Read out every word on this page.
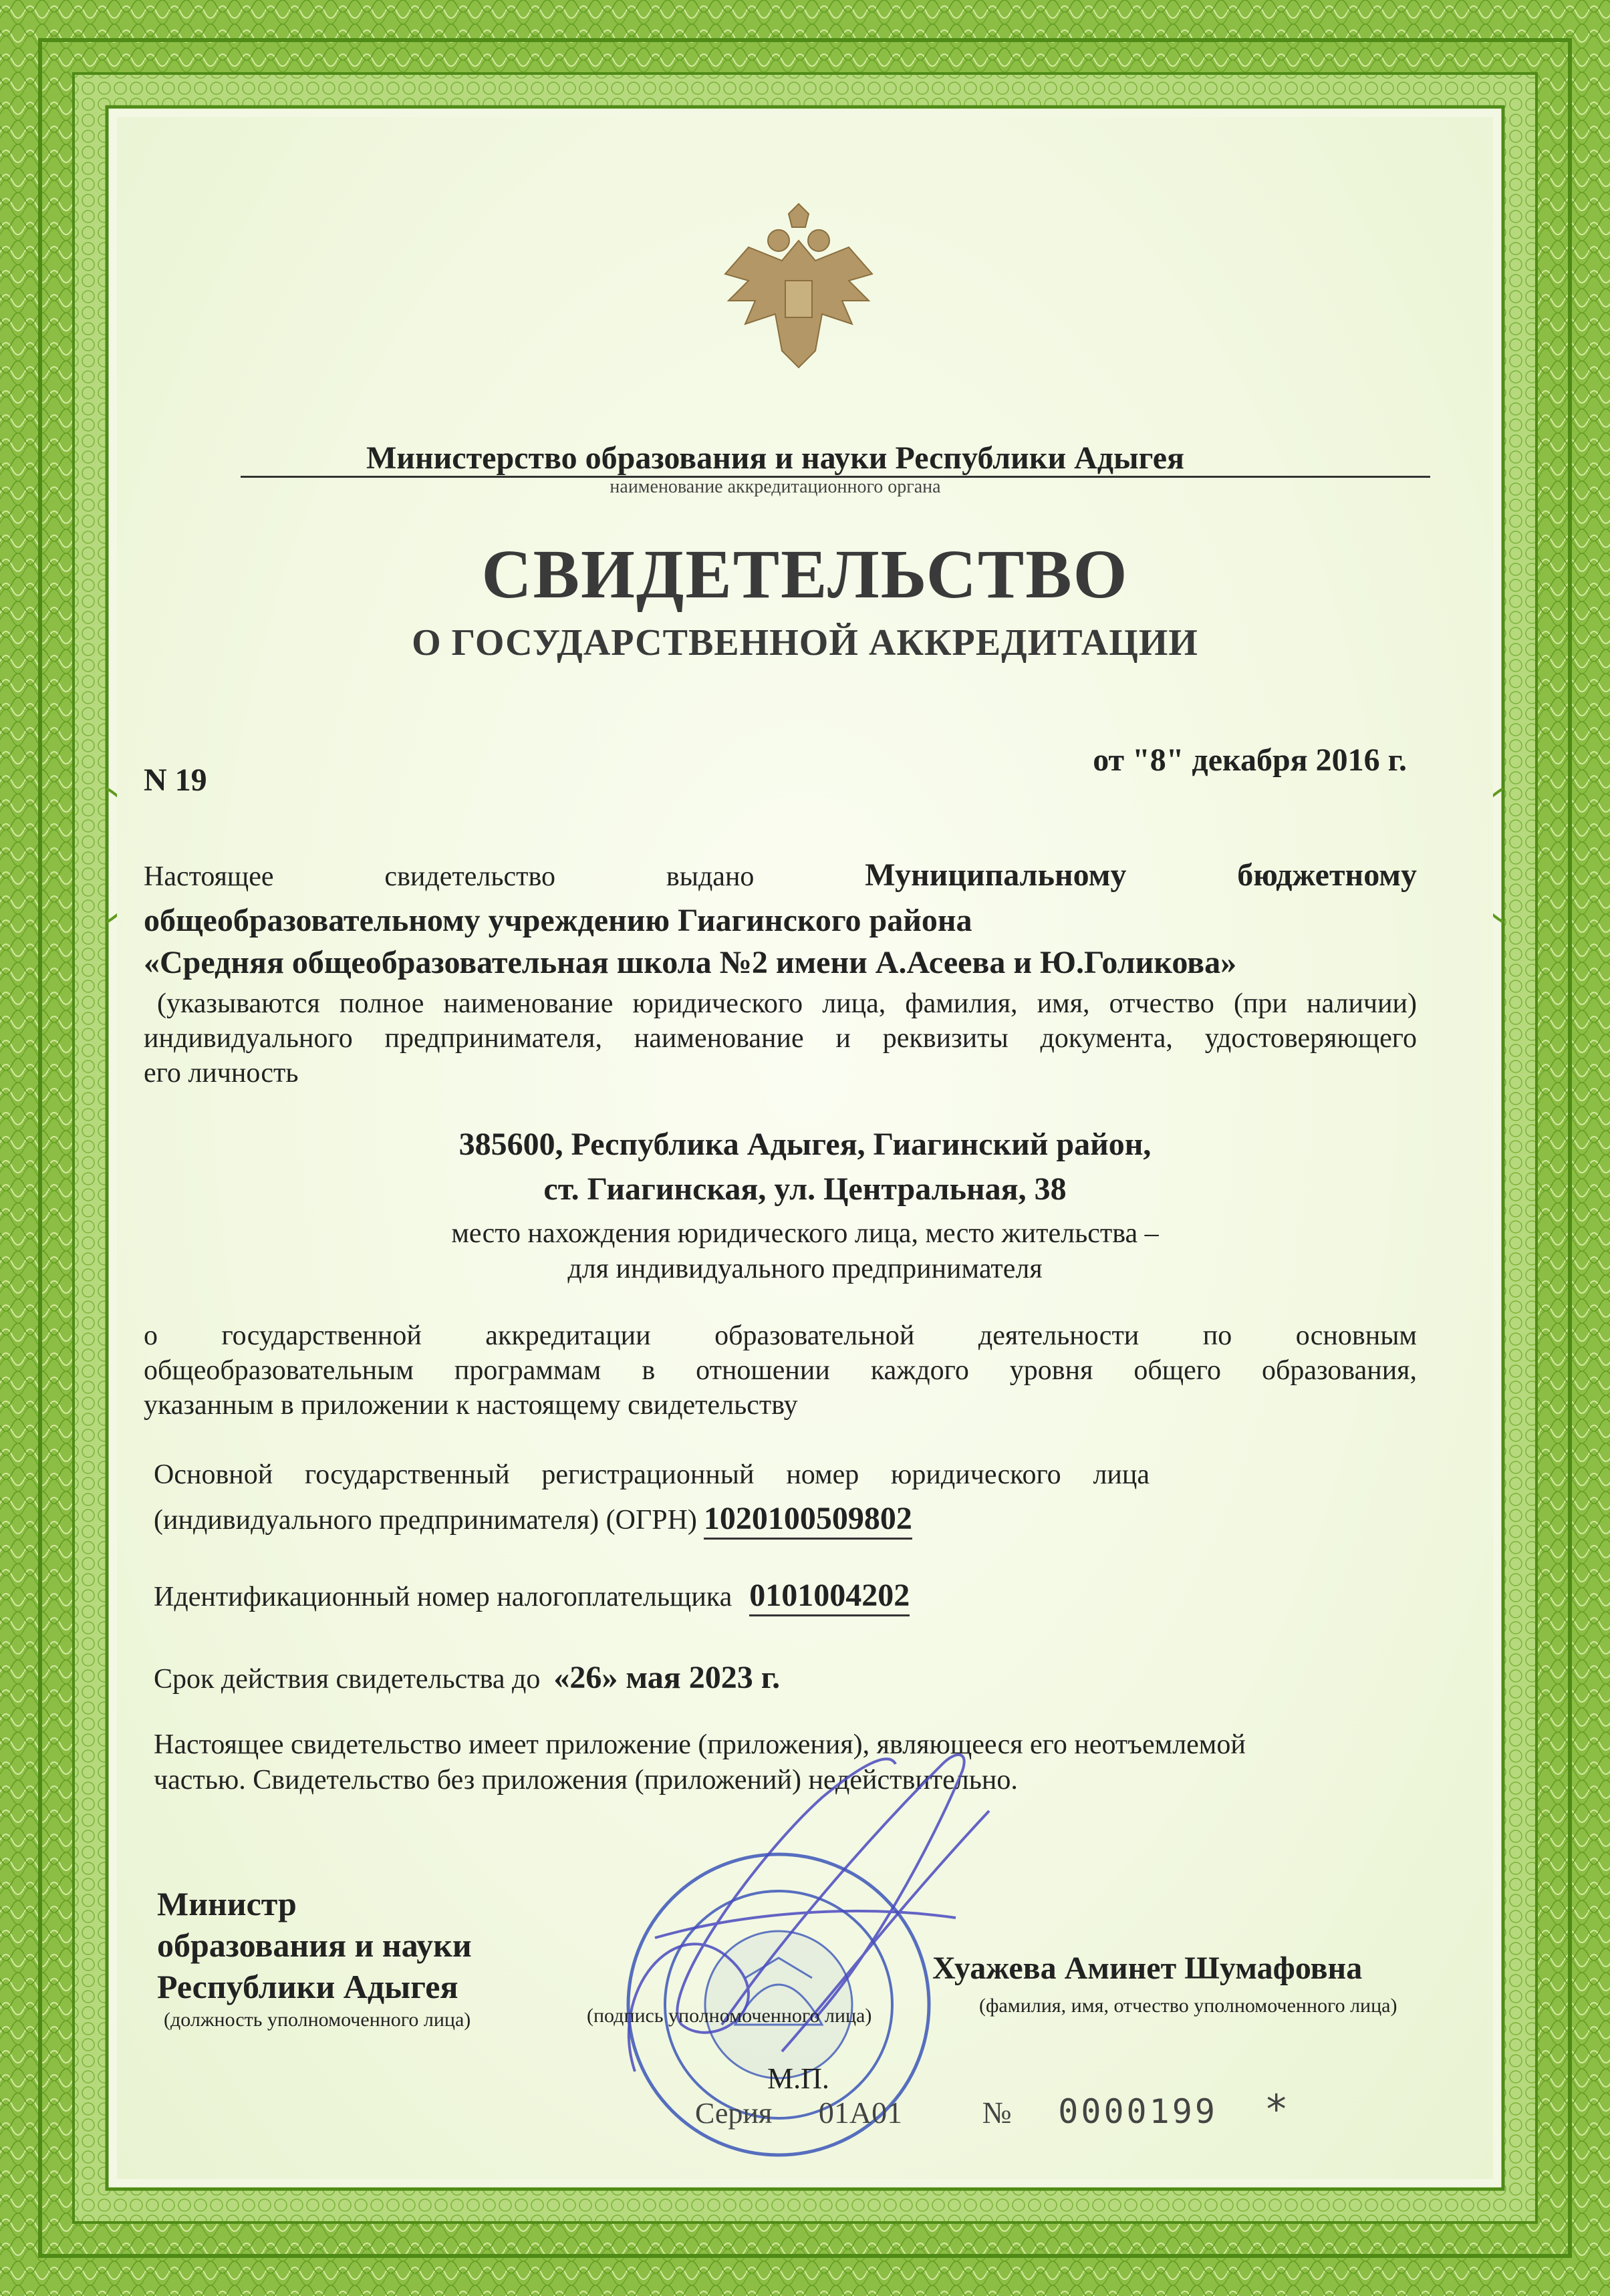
Министерство образования и науки Республики Адыгея
наименование аккредитационного органа
СВИДЕТЕЛЬСТВО
О ГОСУДАРСТВЕННОЙ АККРЕДИТАЦИИ
N 19
от "8" декабря 2016 г.
Настоящее	свидетельство	выдано	Муниципальному	бюджетному
общеобразовательному учреждению Гиагинского района
«Средняя общеобразовательная школа №2 имени А.Асеева и Ю.Голикова»
(указываются полное наименование юридического лица, фамилия, имя, отчество (при наличии)
индивидуального предпринимателя, наименование и реквизиты документа, удостоверяющего
его личность
385600, Республика Адыгея, Гиагинский район,
ст. Гиагинская, ул. Центральная, 38
место нахождения юридического лица, место жительства –
для индивидуального предпринимателя
о государственной аккредитации образовательной деятельности по основным
общеобразовательным программам в отношении каждого уровня общего образования,
указанным в приложении к настоящему свидетельству
Основной государственный регистрационный номер юридического лица
(индивидуального предпринимателя) (ОГРН) 1020100509802
Идентификационный номер налогоплательщика 0101004202
Срок действия свидетельства до «26» мая 2023 г.
Настоящее свидетельство имеет приложение (приложения), являющееся его неотъемлемой
частью. Свидетельство без приложения (приложений) недействительно.
Министр
образования и науки
Республики Адыгея
(должность уполномоченного лица)	(подпись уполномоченного лица)
Хуажева Аминет Шумафовна
(фамилия, имя, отчество уполномоченного лица)
М.П.
Серия 01А01	№ 0000199 *
